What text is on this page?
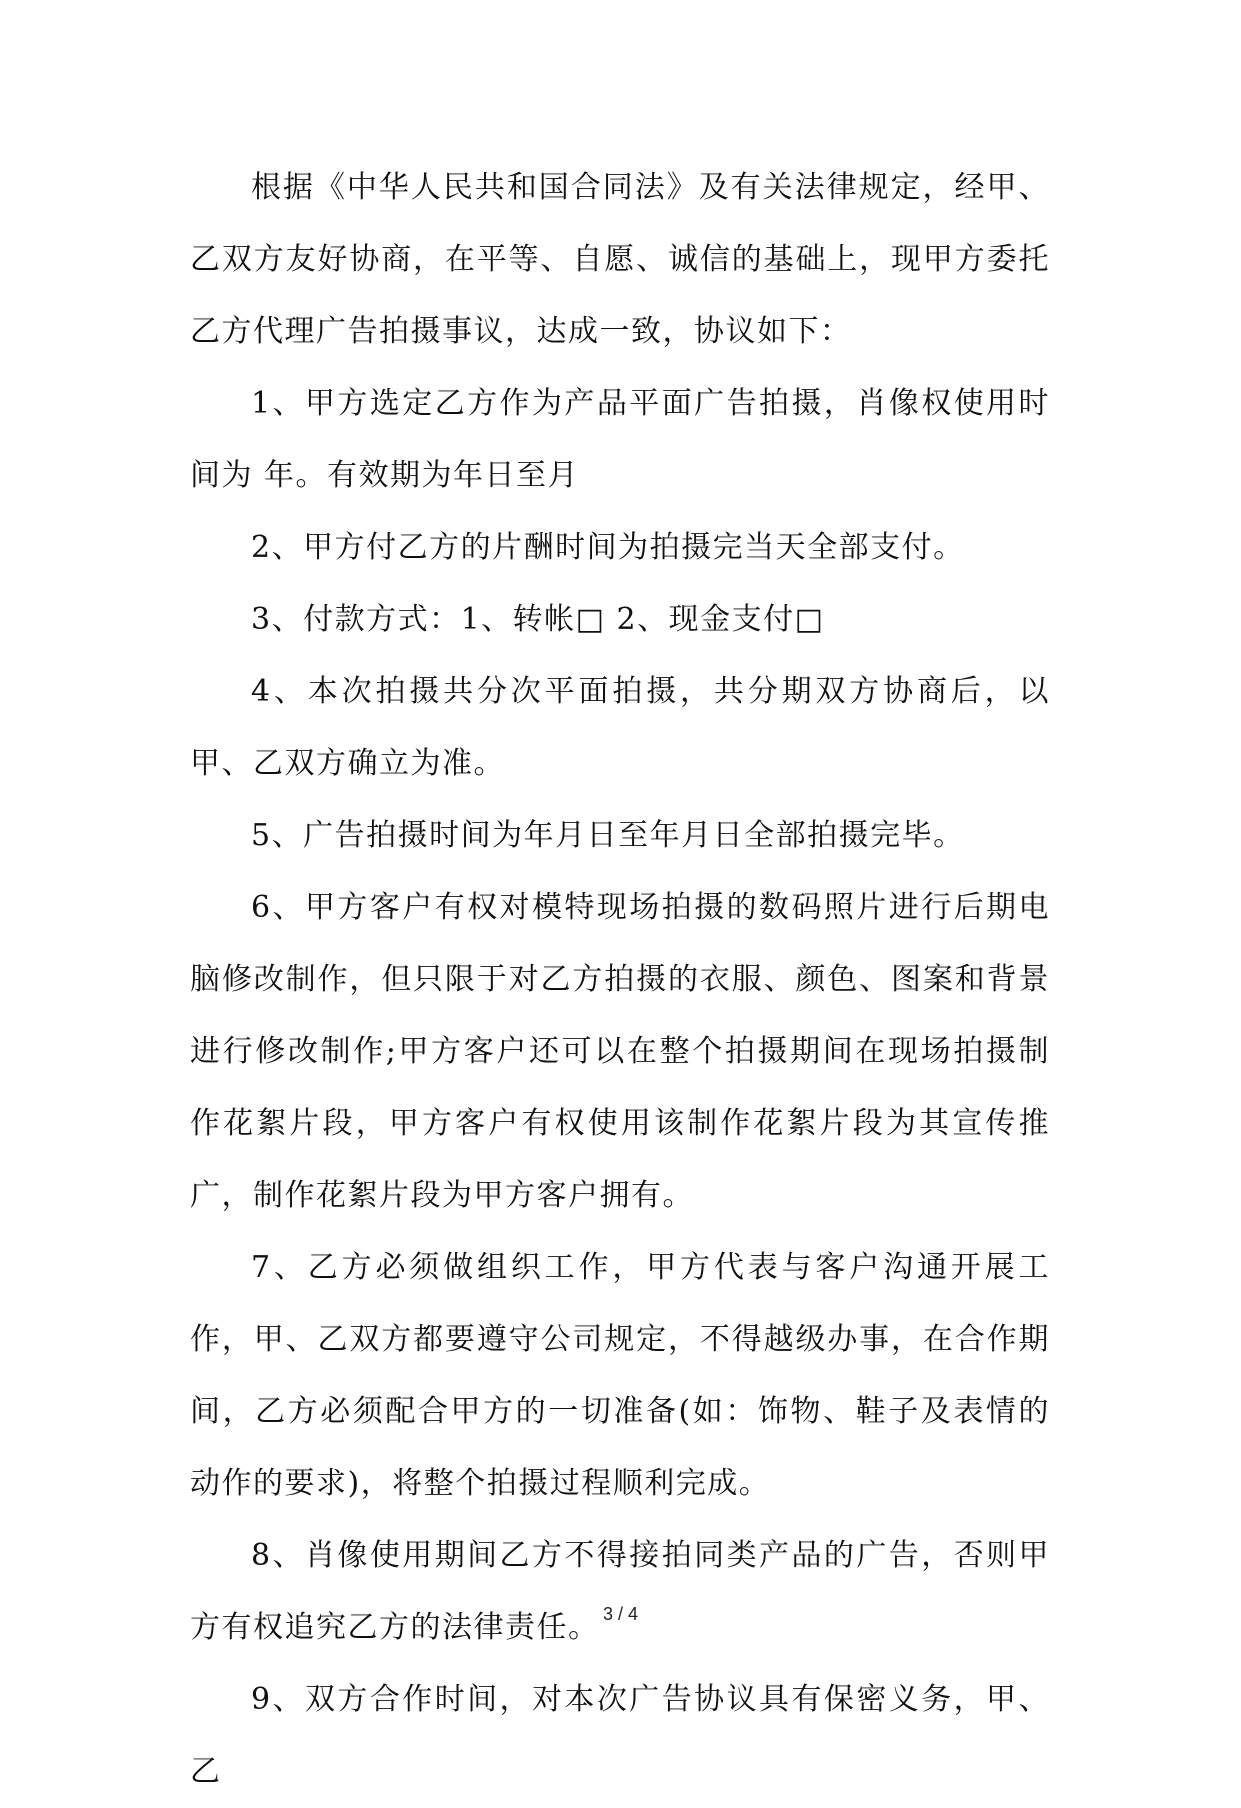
根据《中华人民共和国合同法》及有关法律规定，经甲、乙双方友好协商，在平等、自愿、诚信的基础上，现甲方委托乙方代理广告拍摄事议，达成一致，协议如下：

1、甲方选定乙方作为产品平面广告拍摄，肖像权使用时间为 年。有效期为年日至月

2、甲方付乙方的片酬时间为拍摄完当天全部支付。

3、付款方式：1、转帐□ 2、现金支付□

4、本次拍摄共分次平面拍摄，共分期双方协商后，以甲、乙双方确立为准。

5、广告拍摄时间为年月日至年月日全部拍摄完毕。

6、甲方客户有权对模特现场拍摄的数码照片进行后期电脑修改制作，但只限于对乙方拍摄的衣服、颜色、图案和背景进行修改制作;甲方客户还可以在整个拍摄期间在现场拍摄制作花絮片段，甲方客户有权使用该制作花絮片段为其宣传推广，制作花絮片段为甲方客户拥有。

7、乙方必须做组织工作，甲方代表与客户沟通开展工作，甲、乙双方都要遵守公司规定，不得越级办事，在合作期间，乙方必须配合甲方的一切准备(如：饰物、鞋子及表情的动作的要求)，将整个拍摄过程顺利完成。

8、肖像使用期间乙方不得接拍同类产品的广告，否则甲方有权追究乙方的法律责任。

9、双方合作时间，对本次广告协议具有保密义务，甲、乙

3 / 4
